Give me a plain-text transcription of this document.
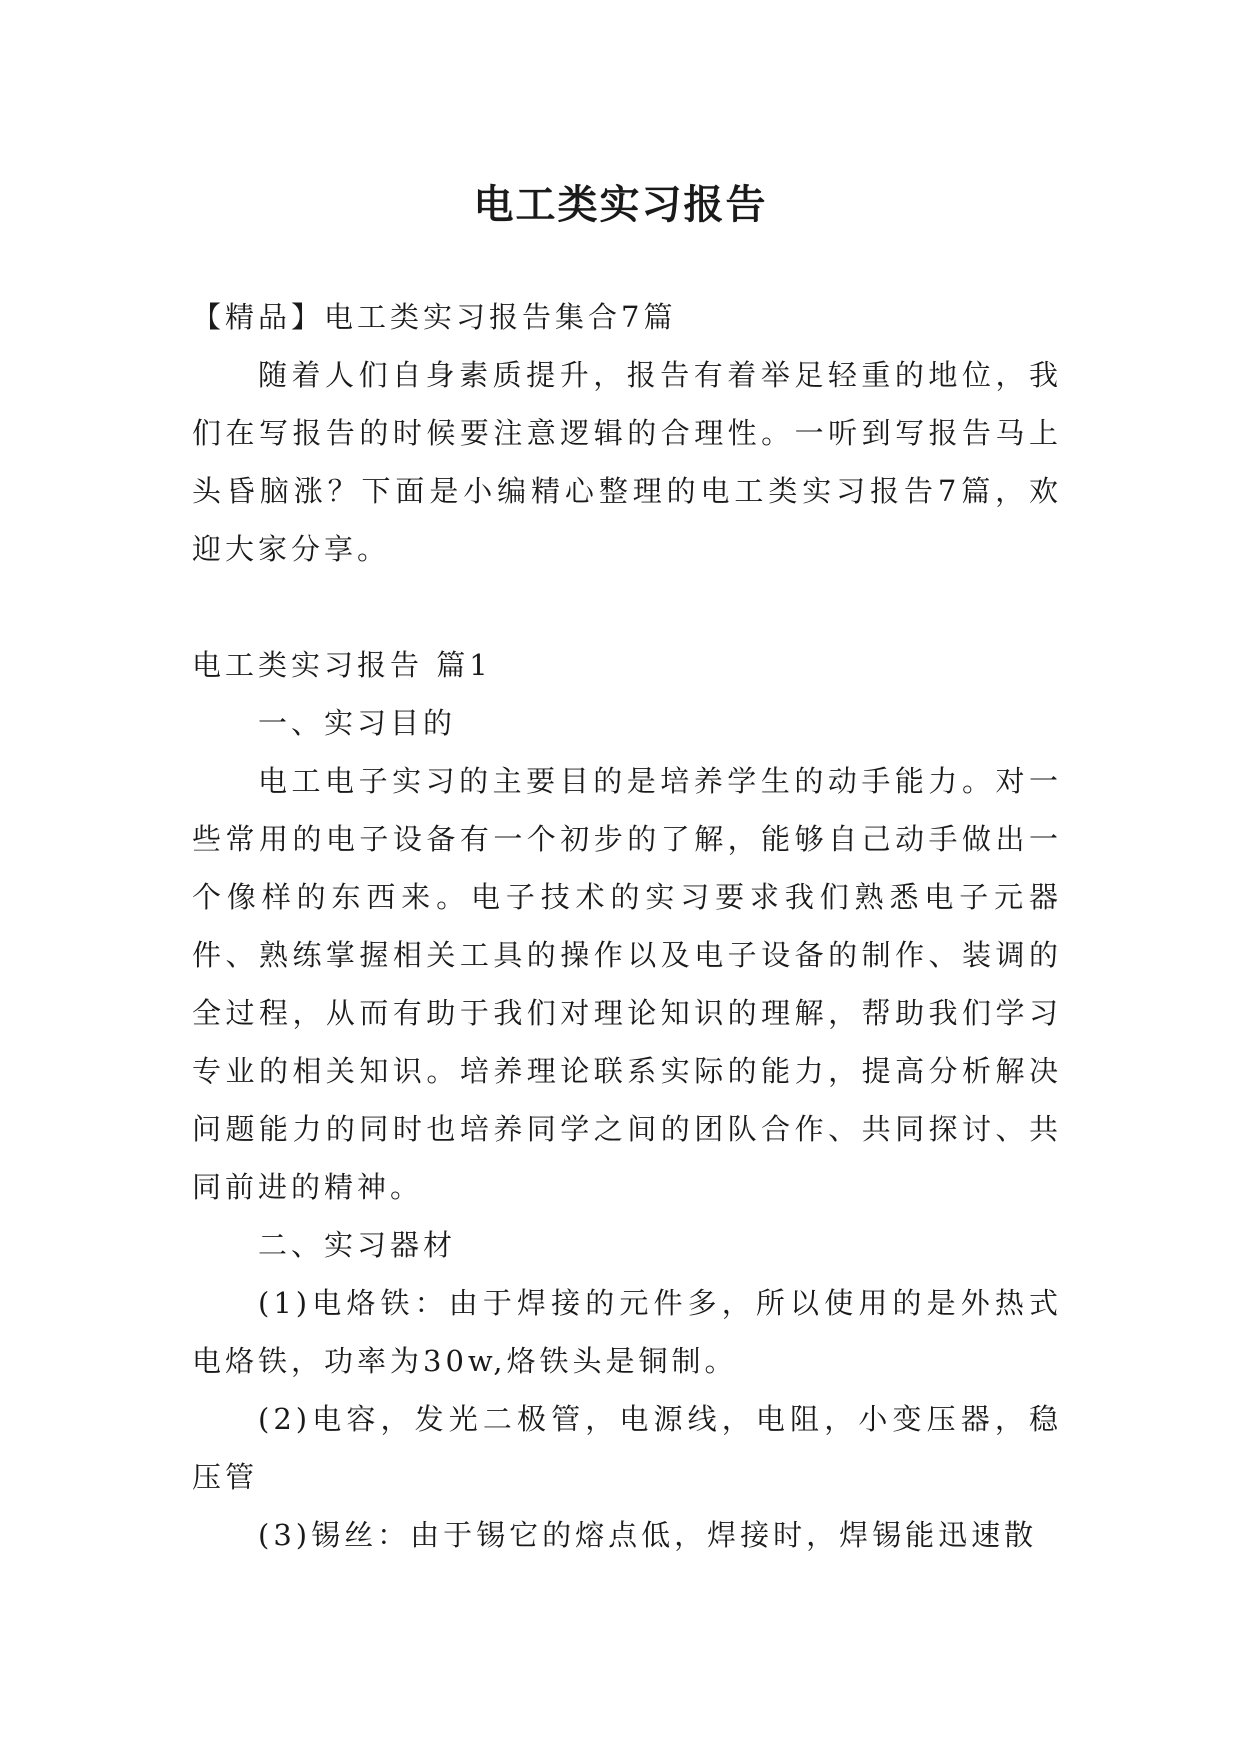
电工类实习报告

【精品】电工类实习报告集合7篇

随着人们自身素质提升，报告有着举足轻重的地位，我们在写报告的时候要注意逻辑的合理性。一听到写报告马上头昏脑涨？下面是小编精心整理的电工类实习报告7篇，欢迎大家分享。

电工类实习报告 篇1

一、实习目的

电工电子实习的主要目的是培养学生的动手能力。对一些常用的电子设备有一个初步的了解，能够自己动手做出一个像样的东西来。电子技术的实习要求我们熟悉电子元器件、熟练掌握相关工具的操作以及电子设备的制作、装调的全过程，从而有助于我们对理论知识的理解，帮助我们学习专业的相关知识。培养理论联系实际的能力，提高分析解决问题能力的同时也培养同学之间的团队合作、共同探讨、共同前进的精神。

二、实习器材

(1)电烙铁：由于焊接的元件多，所以使用的是外热式电烙铁，功率为30w,烙铁头是铜制。

(2)电容，发光二极管，电源线，电阻，小变压器，稳压管

(3)锡丝：由于锡它的熔点低，焊接时，焊锡能迅速散
